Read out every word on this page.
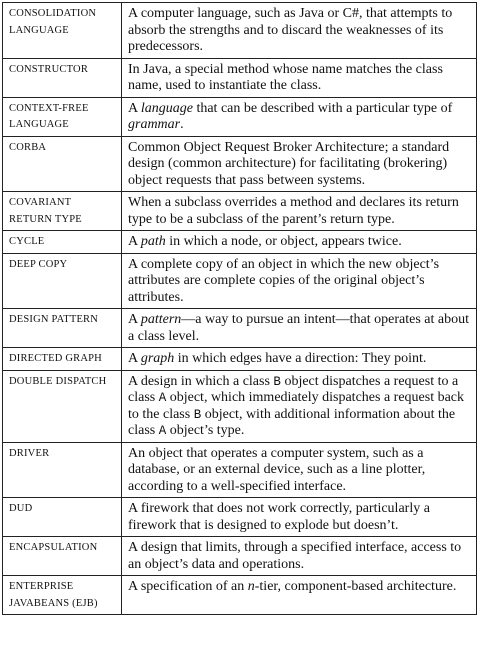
CONSOLIDATION LANGUAGE	A computer language, such as Java or C#, that attempts to absorb the strengths and to discard the weaknesses of its predecessors.
CONSTRUCTOR	In Java, a special method whose name matches the class name, used to instantiate the class.
CONTEXT-FREE LANGUAGE	A language that can be described with a particular type of grammar.
CORBA	Common Object Request Broker Architecture; a standard design (common architecture) for facilitating (brokering) object requests that pass between systems.
COVARIANT RETURN TYPE	When a subclass overrides a method and declares its return type to be a subclass of the parent’s return type.
CYCLE	A path in which a node, or object, appears twice.
DEEP COPY	A complete copy of an object in which the new object’s attributes are complete copies of the original object’s attributes.
DESIGN PATTERN	A pattern—a way to pursue an intent—that operates at about a class level.
DIRECTED GRAPH	A graph in which edges have a direction: They point.
DOUBLE DISPATCH	A design in which a class B object dispatches a request to a class A object, which immediately dispatches a request back to the class B object, with additional information about the class A object’s type.
DRIVER	An object that operates a computer system, such as a database, or an external device, such as a line plotter, according to a well-specified interface.
DUD	A firework that does not work correctly, particularly a firework that is designed to explode but doesn’t.
ENCAPSULATION	A design that limits, through a specified interface, access to an object’s data and operations.
ENTERPRISE JAVABEANS (EJB)	A specification of an n-tier, component-based architecture.
